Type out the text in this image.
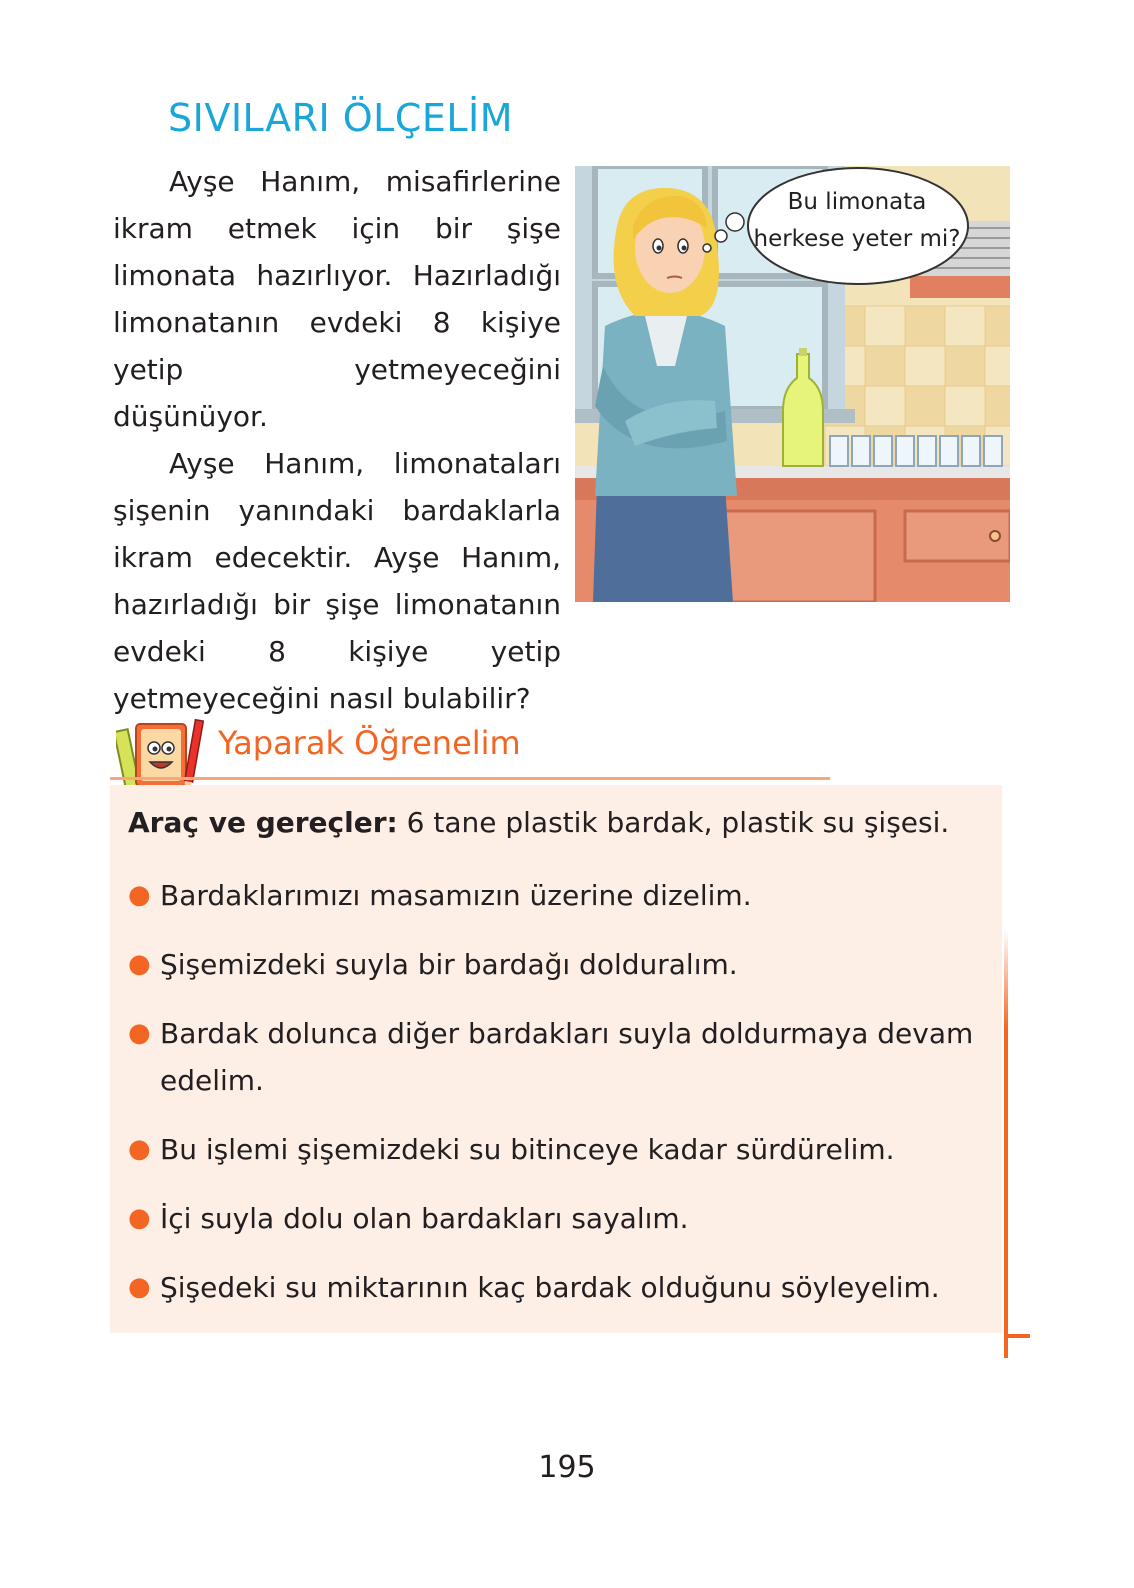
SIVILARI ÖLÇELİM

Ayşe Hanım, misafirlerine ikram etmek için bir şişe limonata hazırlıyor. Hazırladığı limonatanın evdeki 8 kişiye yetip yetmeyeceğini düşünüyor.

Ayşe Hanım, limonataları şişenin yanındaki bardaklarla ikram edecektir. Ayşe Hanım, hazırladığı bir şişe limonatanın evdeki 8 kişiye yetip yetmeyeceğini nasıl bulabilir?

Bu limonata
herkese yeter mi?
Yaparak Öğrenelim
Araç ve gereçler: 6 tane plastik bardak, plastik su şişesi.
● Bardaklarımızı masamızın üzerine dizelim.
● Şişemizdeki suyla bir bardağı dolduralım.
● Bardak dolunca diğer bardakları suyla doldurmaya devam edelim.
● Bu işlemi şişemizdeki su bitinceye kadar sürdürelim.
● İçi suyla dolu olan bardakları sayalım.
● Şişedeki su miktarının kaç bardak olduğunu söyleyelim.
195
